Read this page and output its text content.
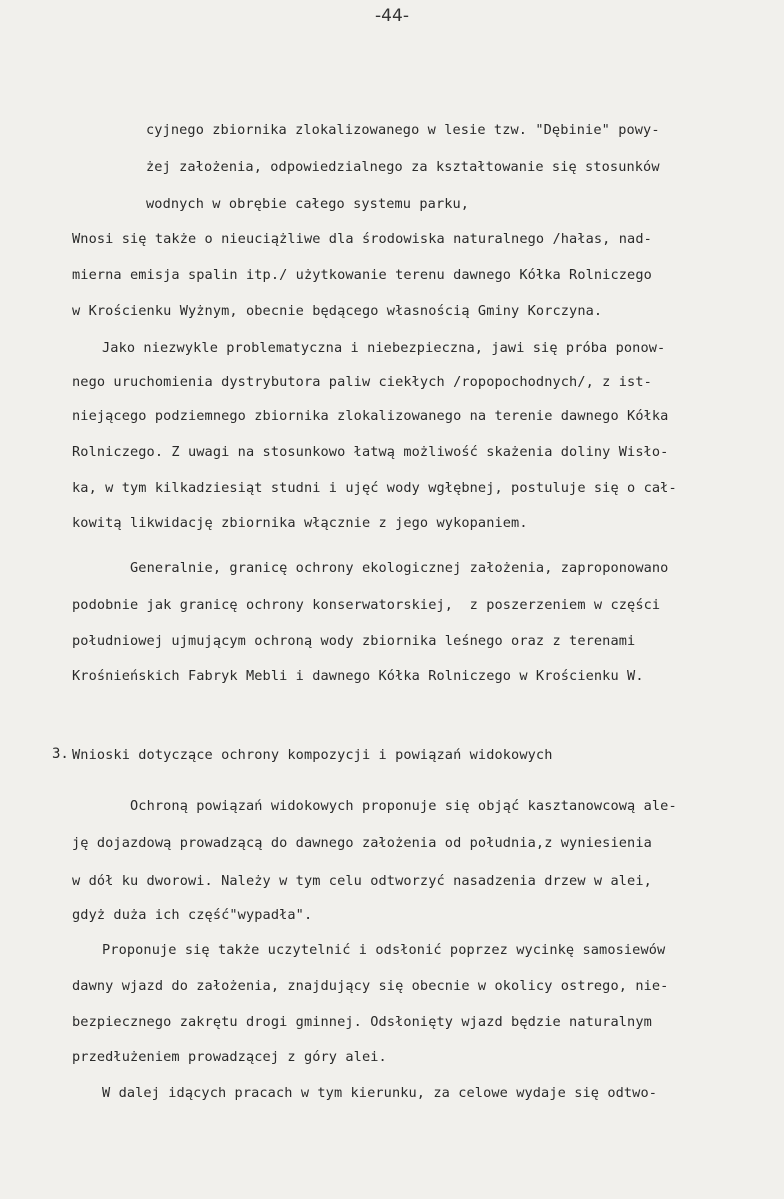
-44-
cyjnego zbiornika zlokalizowanego w lesie tzw. "Dębinie" powy-
żej założenia, odpowiedzialnego za kształtowanie się stosunków
wodnych w obrębie całego systemu parku,
Wnosi się także o nieuciążliwe dla środowiska naturalnego /hałas, nad-
mierna emisja spalin itp./ użytkowanie terenu dawnego Kółka Rolniczego
w Krościenku Wyżnym, obecnie będącego własnością Gminy Korczyna.
Jako niezwykle problematyczna i niebezpieczna, jawi się próba ponow-
nego uruchomienia dystrybutora paliw ciekłych /ropopochodnych/, z ist-
niejącego podziemnego zbiornika zlokalizowanego na terenie dawnego Kółka
Rolniczego. Z uwagi na stosunkowo łatwą możliwość skażenia doliny Wisło-
ka, w tym kilkadziesiąt studni i ujęć wody wgłębnej, postuluje się o cał-
kowitą likwidację zbiornika włącznie z jego wykopaniem.
Generalnie, granicę ochrony ekologicznej założenia, zaproponowano
podobnie jak granicę ochrony konserwatorskiej,  z poszerzeniem w części
południowej ujmującym ochroną wody zbiornika leśnego oraz z terenami
Krośnieńskich Fabryk Mebli i dawnego Kółka Rolniczego w Krościenku W.
3. Wnioski dotyczące ochrony kompozycji i powiązań widokowych
Ochroną powiązań widokowych proponuje się objąć kasztanowcową ale-
ję dojazdową prowadzącą do dawnego założenia od południa,z wyniesienia
w dół ku dworowi. Należy w tym celu odtworzyć nasadzenia drzew w alei,
gdyż duża ich część"wypadła".
Proponuje się także uczytelnić i odsłonić poprzez wycinkę samosiewów
dawny wjazd do założenia, znajdujący się obecnie w okolicy ostrego, nie-
bezpiecznego zakrętu drogi gminnej. Odsłonięty wjazd będzie naturalnym
przedłużeniem prowadzącej z góry alei.
W dalej idących pracach w tym kierunku, za celowe wydaje się odtwo-
